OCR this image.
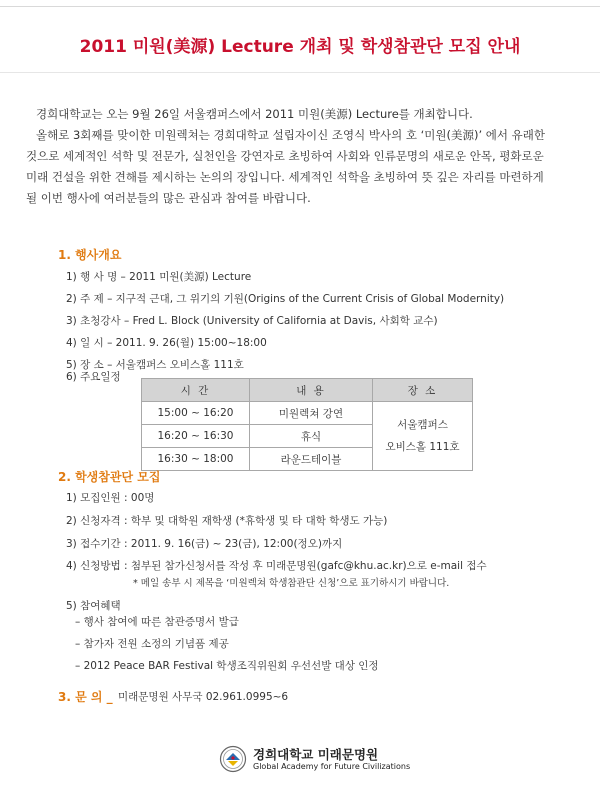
2011 미원(美源) Lecture 개최 및 학생참관단 모집 안내

경희대학교는 오는 9월 26일 서울캠퍼스에서 2011 미원(美源) Lecture를 개최합니다.

올해로 3회째를 맞이한 미원렉쳐는 경희대학교 설립자이신 조영식 박사의 호 ‘미원(美源)’ 에서 유래한

것으로 세계적인 석학 및 전문가, 실천인을 강연자로 초빙하여 사회와 인류문명의 새로운 안목, 평화로운

미래 건설을 위한 견해를 제시하는 논의의 장입니다. 세계적인 석학을 초빙하여 뜻 깊은 자리를 마련하게

될 이번 행사에 여러분들의 많은 관심과 참여를 바랍니다.

1. 행사개요
1) 행 사 명 – 2011 미원(美源) Lecture
2) 주 제 – 지구적 근대, 그 위기의 기원(Origins of the Current Crisis of Global Modernity)
3) 초청강사 – Fred L. Block (University of California at Davis, 사회학 교수)
4) 일 시 – 2011. 9. 26(월) 15:00~18:00
5) 장 소 – 서울캠퍼스 오비스홀 111호
6) 주요일정
시 간	내 용	장 소
15:00 ~ 16:20	미원렉쳐 강연	서울캠퍼스
오비스홀 111호

16:20 ~ 16:30	휴식	
16:30 ~ 18:00	라운드테이블	
2. 학생참관단 모집
1) 모집인원 : 00명
2) 신청자격 : 학부 및 대학원 재학생 (*휴학생 및 타 대학 학생도 가능)
3) 접수기간 : 2011. 9. 16(금) ~ 23(금), 12:00(정오)까지
4) 신청방법 : 첨부된 참가신청서를 작성 후 미래문명원(gafc@khu.ac.kr)으로 e-mail 접수
* 메일 송부 시 제목을 ‘미원렉쳐 학생참관단 신청’으로 표기하시기 바랍니다.
5) 참여혜택
– 행사 참여에 따른 참관증명서 발급
– 참가자 전원 소정의 기념품 제공
– 2012 Peace BAR Festival 학생조직위원회 우선선발 대상 인정
3. 문 의 _ 미래문명원 사무국 02.961.0995~6
경희대학교 미래문명원
Global Academy for Future Civilizations
